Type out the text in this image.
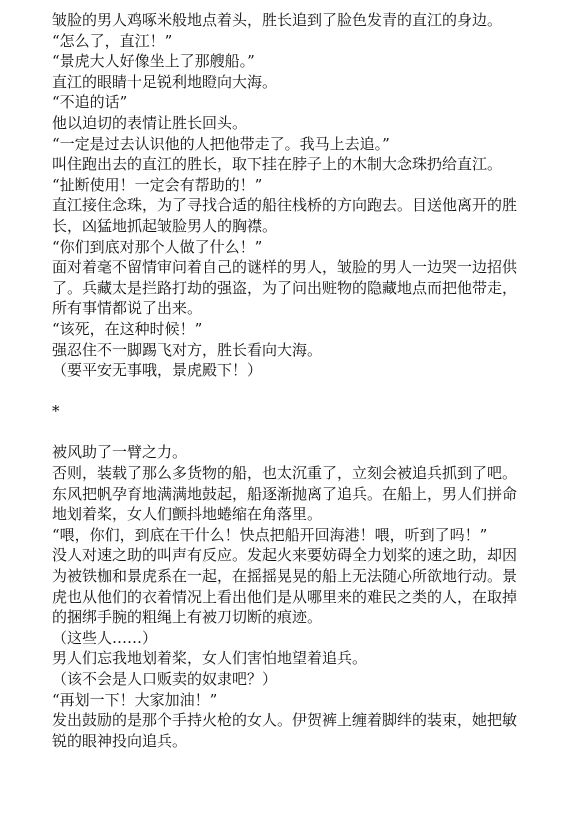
皱脸的男人鸡啄米般地点着头，胜长追到了脸色发青的直江的身边。

“怎么了，直江！”

“景虎大人好像坐上了那艘船。”

直江的眼睛十足锐利地瞪向大海。

“不追的话”

他以迫切的表情让胜长回头。

“一定是过去认识他的人把他带走了。我马上去追。”

叫住跑出去的直江的胜长，取下挂在脖子上的木制大念珠扔给直江。

“扯断使用！一定会有帮助的！”

直江接住念珠，为了寻找合适的船往栈桥的方向跑去。目送他离开的胜长，凶猛地抓起皱脸男人的胸襟。

“你们到底对那个人做了什么！”

面对着毫不留情审问着自己的谜样的男人，皱脸的男人一边哭一边招供了。兵藏太是拦路打劫的强盗，为了问出赃物的隐藏地点而把他带走，所有事情都说了出来。

“该死，在这种时候！”

强忍住不一脚踢飞对方，胜长看向大海。

（要平安无事哦，景虎殿下！）

*

被风助了一臂之力。

否则，装载了那么多货物的船，也太沉重了，立刻会被追兵抓到了吧。

东风把帆孕育地满满地鼓起，船逐渐抛离了追兵。在船上，男人们拼命地划着桨，女人们颤抖地蜷缩在角落里。

“喂，你们，到底在干什么！快点把船开回海港！喂，听到了吗！”

没人对速之助的叫声有反应。发起火来要妨碍全力划桨的速之助，却因为被铁枷和景虎系在一起，在摇摇晃晃的船上无法随心所欲地行动。景虎也从他们的衣着情况上看出他们是从哪里来的难民之类的人，在取掉的捆绑手腕的粗绳上有被刀切断的痕迹。

（这些人……）

男人们忘我地划着桨，女人们害怕地望着追兵。

（该不会是人口贩卖的奴隶吧？）

“再划一下！大家加油！”

发出鼓励的是那个手持火枪的女人。伊贺裤上缠着脚绊的装束，她把敏锐的眼神投向追兵。
